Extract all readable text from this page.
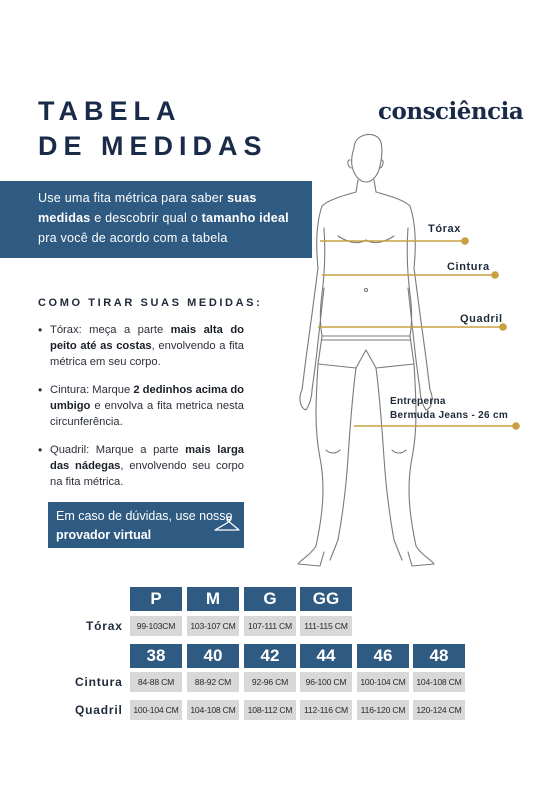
TABELA
DE MEDIDAS
consciência
Use uma fita métrica para saber suas medidas e descobrir qual o tamanho ideal pra você de acordo com a tabela
COMO TIRAR SUAS MEDIDAS:
• Tórax: meça a parte mais alta do peito até as costas, envolvendo a fita métrica em seu corpo.
• Cintura: Marque 2 dedinhos acima do umbigo e envolva a fita metrica nesta circunferência.
• Quadril: Marque a parte mais larga das nádegas, envolvendo seu corpo na fita métrica.
Em caso de dúvidas, use nosso provador virtual
Tórax
Cintura
Quadril
Entreperna
Bermuda Jeans - 26 cm
P	M	G	GG
Tórax	99-103CM	103-107 CM	107-111 CM	111-115 CM
38	40	42	44	46	48
Cintura	84-88 CM	88-92 CM	92-96 CM	96-100 CM	100-104 CM	104-108 CM
Quadril	100-104 CM	104-108 CM	108-112 CM	112-116 CM	116-120 CM	120-124 CM
